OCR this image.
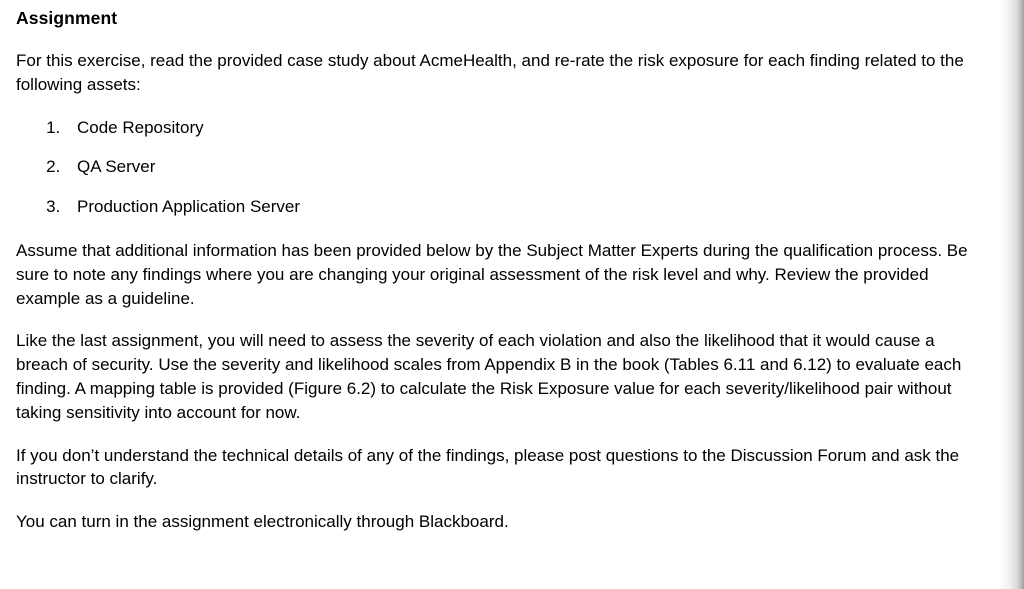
Assignment

For this exercise, read the provided case study about AcmeHealth, and re-rate the risk exposure for each finding related to the following assets:

1. Code Repository
2. QA Server
3. Production Application Server

Assume that additional information has been provided below by the Subject Matter Experts during the qualification process. Be sure to note any findings where you are changing your original assessment of the risk level and why. Review the provided example as a guideline.

Like the last assignment, you will need to assess the severity of each violation and also the likelihood that it would cause a breach of security. Use the severity and likelihood scales from Appendix B in the book (Tables 6.11 and 6.12) to evaluate each finding. A mapping table is provided (Figure 6.2) to calculate the Risk Exposure value for each severity/likelihood pair without taking sensitivity into account for now.

If you don’t understand the technical details of any of the findings, please post questions to the Discussion Forum and ask the instructor to clarify.

You can turn in the assignment electronically through Blackboard.
